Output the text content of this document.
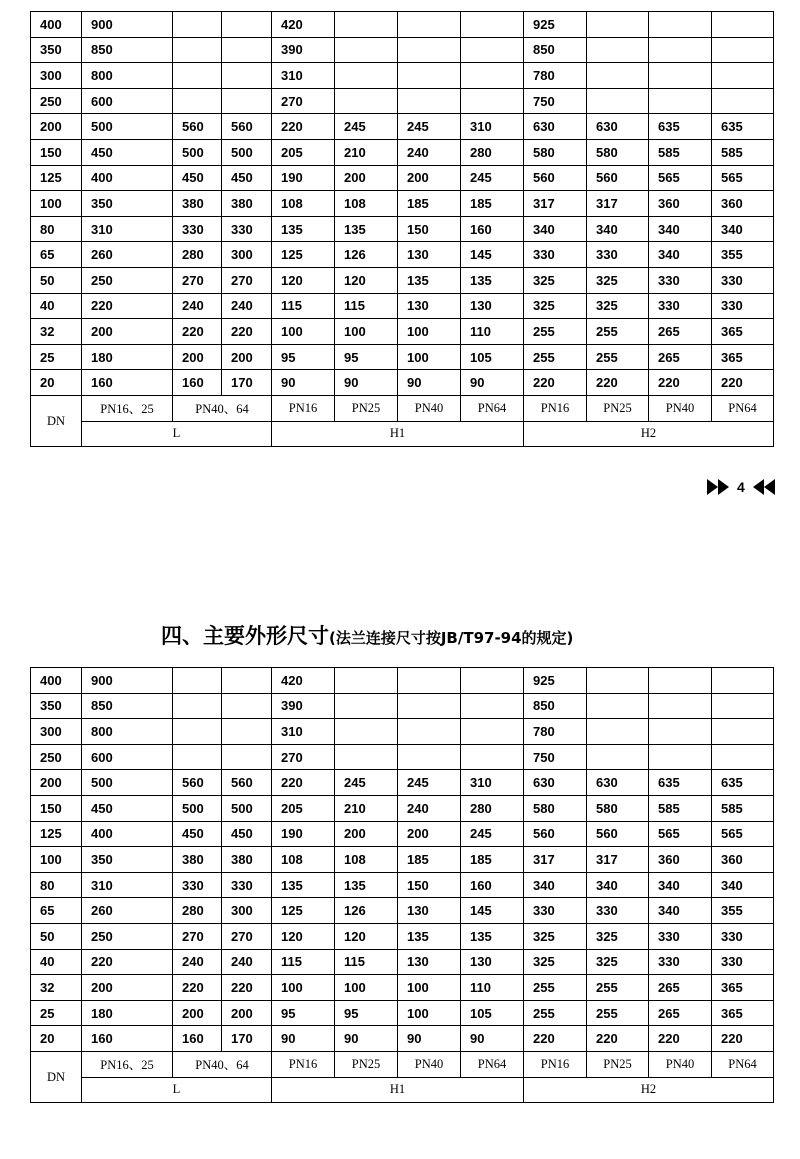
400	900			420				925			
350	850			390				850			
300	800			310				780			
250	600			270				750			
200	500	560	560	220	245	245	310	630	630	635	635
150	450	500	500	205	210	240	280	580	580	585	585
125	400	450	450	190	200	200	245	560	560	565	565
100	350	380	380	108	108	185	185	317	317	360	360
80	310	330	330	135	135	150	160	340	340	340	340
65	260	280	300	125	126	130	145	330	330	340	355
50	250	270	270	120	120	135	135	325	325	330	330
40	220	240	240	115	115	130	130	325	325	330	330
32	200	220	220	100	100	100	110	255	255	265	365
25	180	200	200	95	95	100	105	255	255	265	365
20	160	160	170	90	90	90	90	220	220	220	220
DN	PN16、25	PN40、64		PN16	PN25	PN40	PN64	PN16	PN25	PN40	PN64
	L			H1				H2			
4
四、主要外形尺寸 (法兰连接尺寸按JB/T97-94的规定)
400	900			420				925			
350	850			390				850			
300	800			310				780			
250	600			270				750			
200	500	560	560	220	245	245	310	630	630	635	635
150	450	500	500	205	210	240	280	580	580	585	585
125	400	450	450	190	200	200	245	560	560	565	565
100	350	380	380	108	108	185	185	317	317	360	360
80	310	330	330	135	135	150	160	340	340	340	340
65	260	280	300	125	126	130	145	330	330	340	355
50	250	270	270	120	120	135	135	325	325	330	330
40	220	240	240	115	115	130	130	325	325	330	330
32	200	220	220	100	100	100	110	255	255	265	365
25	180	200	200	95	95	100	105	255	255	265	365
20	160	160	170	90	90	90	90	220	220	220	220
DN	PN16、25	PN40、64		PN16	PN25	PN40	PN64	PN16	PN25	PN40	PN64
	L			H1				H2			
